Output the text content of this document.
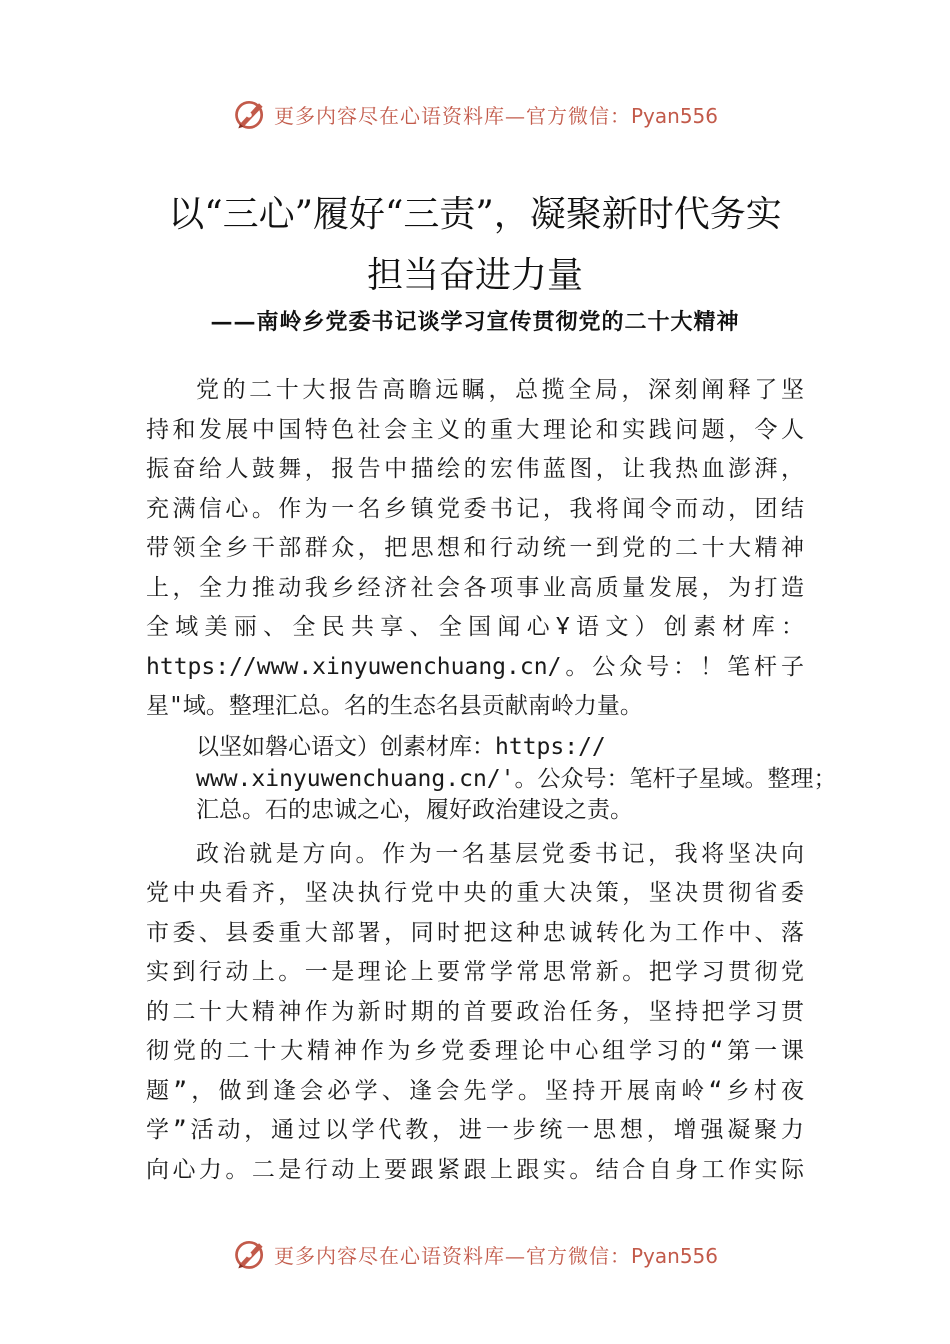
更多内容尽在心语资料库—官方微信：Pyan556
以“三心”履好“三责”，凝聚新时代务实
担当奋进力量
——南岭乡党委书记谈学习宣传贯彻党的二十大精神
党的二十大报告高瞻远瞩，总揽全局，深刻阐释了坚
持和发展中国特色社会主义的重大理论和实践问题，令人
振奋给人鼓舞，报告中描绘的宏伟蓝图，让我热血澎湃，
充满信心。作为一名乡镇党委书记，我将闻令而动，团结
带领全乡干部群众，把思想和行动统一到党的二十大精神
上，全力推动我乡经济社会各项事业高质量发展，为打造
全域美丽、全民共享、全国闻心Ұ语文）创素材库：
https://www.xinyuwenchuang.cn/。公众号：！笔杆子
星"域。整理汇总。名的生态名县贡献南岭力量。
以坚如磐心语文）创素材库：https://
www.xinyuwenchuang.cn/'。公众号：笔杆子星域。整理；
汇总。石的忠诚之心，履好政治建设之责。
政治就是方向。作为一名基层党委书记，我将坚决向
党中央看齐，坚决执行党中央的重大决策，坚决贯彻省委
市委、县委重大部署，同时把这种忠诚转化为工作中、落
实到行动上。一是理论上要常学常思常新。把学习贯彻党
的二十大精神作为新时期的首要政治任务，坚持把学习贯
彻党的二十大精神作为乡党委理论中心组学习的“第一课
题”，做到逢会必学、逢会先学。坚持开展南岭“乡村夜
学”活动，通过以学代教，进一步统一思想，增强凝聚力
向心力。二是行动上要跟紧跟上跟实。结合自身工作实际
更多内容尽在心语资料库—官方微信：Pyan556
